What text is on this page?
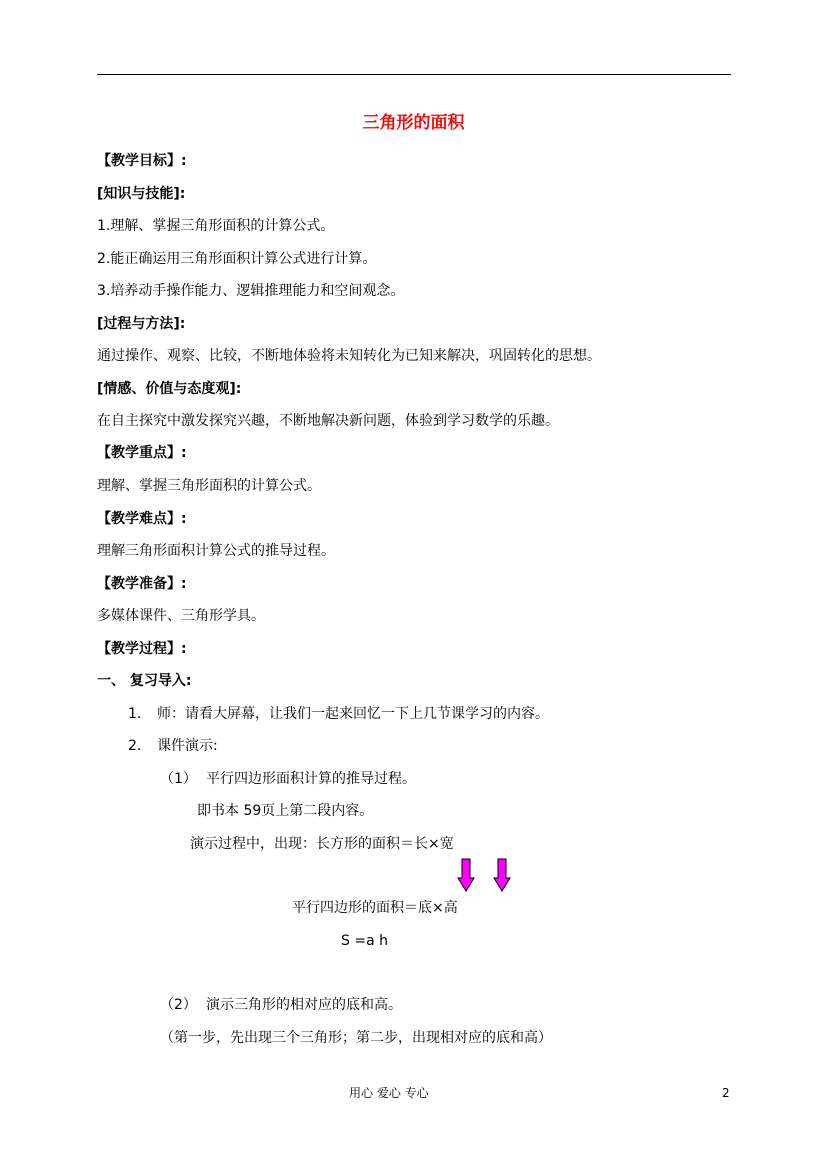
三角形的面积
【教学目标】:
[知识与技能]:
1.理解、掌握三角形面积的计算公式。
2.能正确运用三角形面积计算公式进行计算。
3.培养动手操作能力、逻辑推理能力和空间观念。
[过程与方法]:
通过操作、观察、比较，不断地体验将未知转化为已知来解决，巩固转化的思想。
[情感、价值与态度观]:
在自主探究中激发探究兴趣，不断地解决新问题，体验到学习数学的乐趣。
【教学重点】:
理解、掌握三角形面积的计算公式。
【教学难点】:
理解三角形面积计算公式的推导过程。
【教学准备】:
多媒体课件、三角形学具。
【教学过程】:
一、 复习导入:
1. 师：请看大屏幕，让我们一起来回忆一下上几节课学习的内容。
2. 课件演示:
（1） 平行四边形面积计算的推导过程。
即书本 59页上第二段内容。
演示过程中，出现：长方形的面积＝长×宽
平行四边形的面积＝底×高
S =a h
（2） 演示三角形的相对应的底和高。
（第一步，先出现三个三角形；第二步，出现相对应的底和高）
用心 爱心 专心	2
